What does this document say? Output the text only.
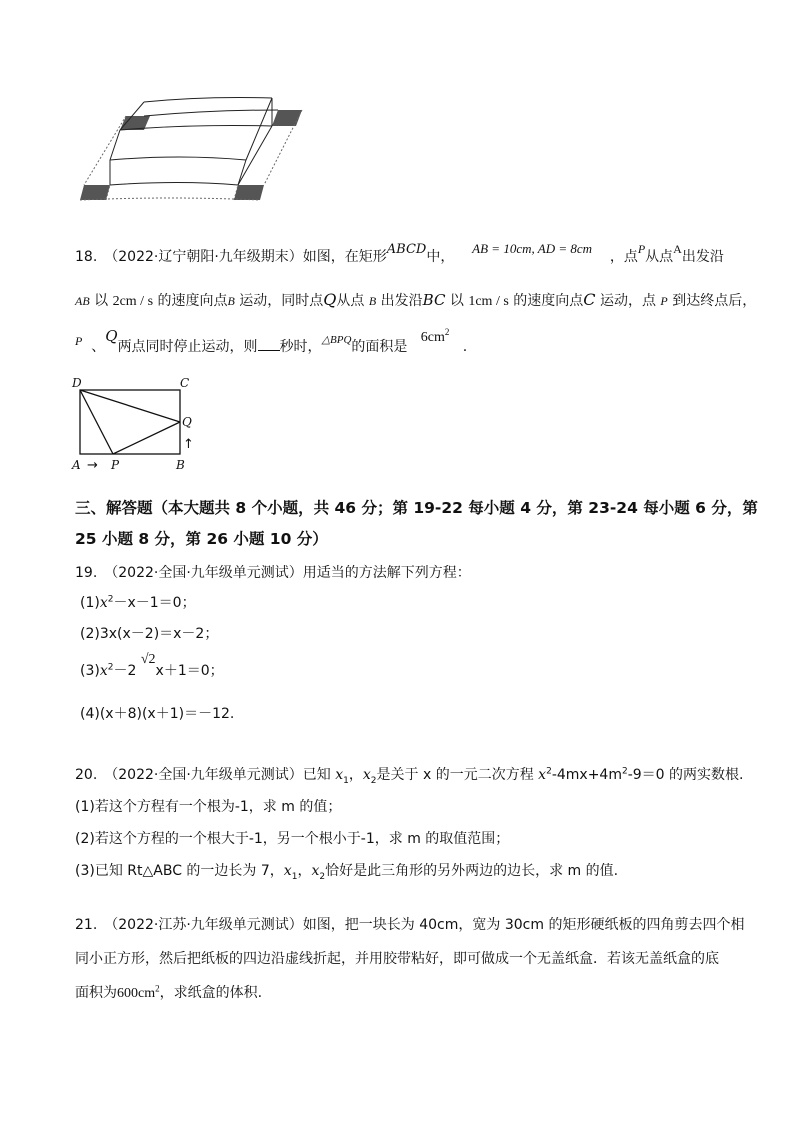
18.　（2022·辽宁朝阳·九年级期末）如图，在矩形ABCD中，    AB = 10cm, AD = 8cm    ，点P从点A出发沿
AB 以 2cm / s 的速度向点B 运动，同时点Q从点 B 出发沿BC 以 1cm / s 的速度向点C 运动，点 P 到达终点后，
P 、Q两点同时停止运动，则 秒时，$^{\triangle BPQ}$的面积是   $6cm^2$   .
D	C
Q
A	P	B
→
↑
三、解答题（本大题共 8 个小题，共 46 分；第 19-22 每小题 4 分，第 23-24 每小题 6 分，第
25 小题 8 分，第 26 小题 10 分）
19.　（2022·全国·九年级单元测试）用适当的方法解下列方程：
$(1)x^2-x-1=0$；
(2)3x(x－2)＝x－2；
$(3)x^2-2$ √2x＋1＝0；
(4)(x＋8)(x＋1)＝－12.
20.　（2022·全国·九年级单元测试）已知 $x_1$，$x_2$是关于 x 的一元二次方程 $x^2-4mx+4m^2-9=0$ 的两实数根.
(1)若这个方程有一个根为-1，求 m 的值；
(2)若这个方程的一个根大于-1，另一个根小于-1，求 m 的取值范围；
(3)已知 Rt△ABC 的一边长为 7，$x_1$，$x_2$恰好是此三角形的另外两边的边长，求 m 的值.
21.　（2022·江苏·九年级单元测试）如图，把一块长为 40cm，宽为 30cm 的矩形硬纸板的四角剪去四个相
同小正方形，然后把纸板的四边沿虚线折起，并用胶带粘好，即可做成一个无盖纸盒．若该无盖纸盒的底
面积为$600cm^2$，求纸盒的体积.
